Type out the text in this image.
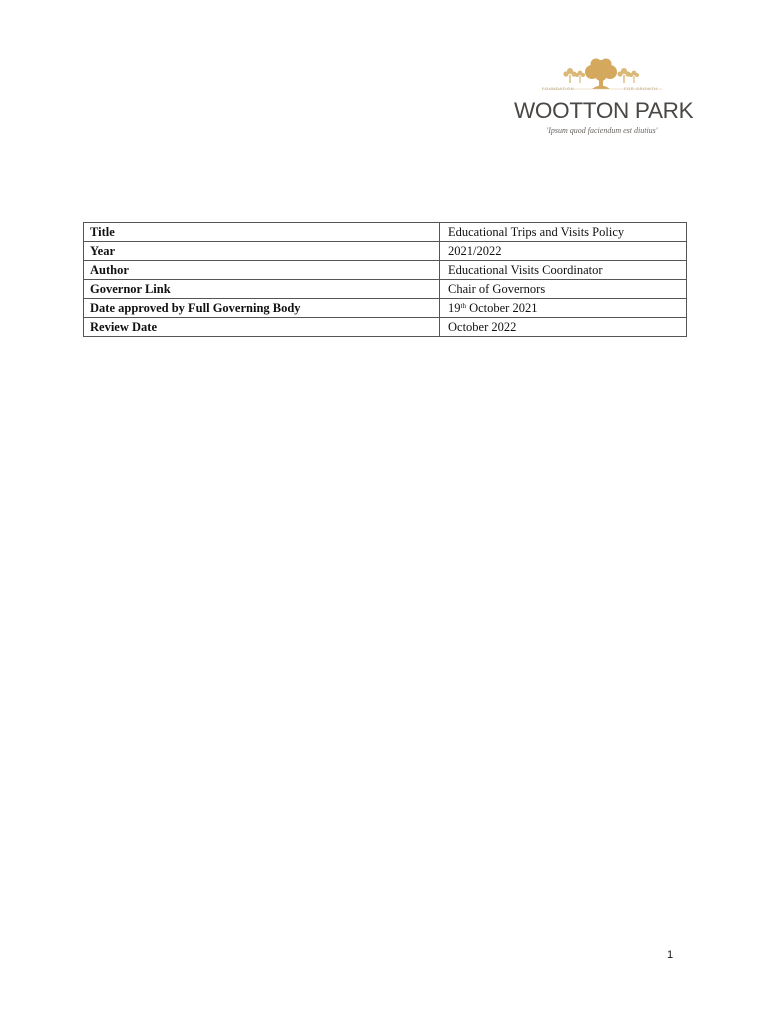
FOUNDATION	FOR GROWTH
WOOTTON PARK
'Ipsum quod faciendum est diutius'
Title	Educational Trips and Visits Policy
Year	2021/2022
Author	Educational Visits Coordinator
Governor Link	Chair of Governors
Date approved by Full Governing Body	19th October 2021
Review Date	October 2022
1
